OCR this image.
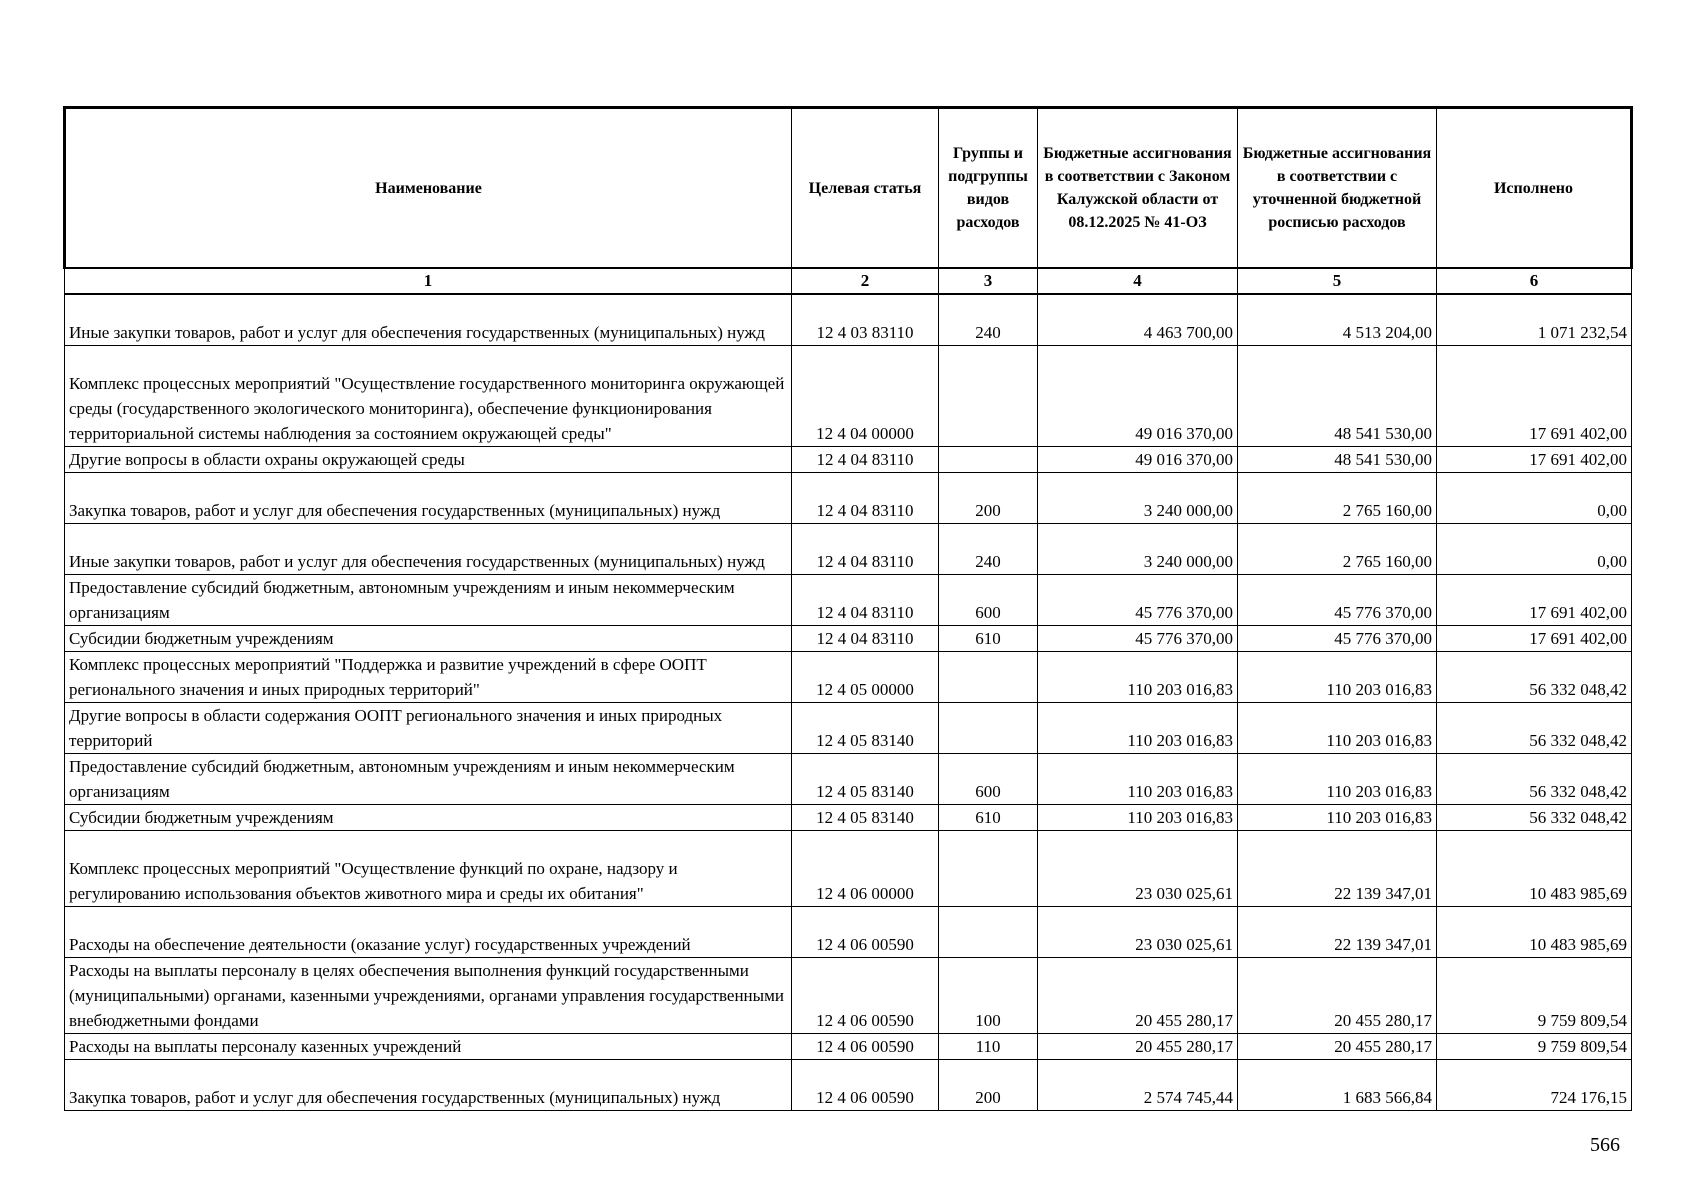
Наименование	Целевая статья	Группы и подгруппы видов расходов	Бюджетные ассигнования в соответствии с Законом Калужской области от 08.12.2025 № 41-ОЗ	Бюджетные ассигнования в соответствии с уточненной бюджетной росписью расходов	Исполнено
1	2	3	4	5	6
Иные закупки товаров, работ и услуг для обеспечения государственных (муниципальных) нужд	12 4 03 83110	240	4 463 700,00	4 513 204,00	1 071 232,54
Комплекс процессных мероприятий "Осуществление государственного мониторинга окружающей среды (государственного экологического мониторинга), обеспечение функционирования территориальной системы наблюдения за состоянием окружающей среды"	12 4 04 00000		49 016 370,00	48 541 530,00	17 691 402,00
Другие вопросы в области охраны окружающей среды	12 4 04 83110		49 016 370,00	48 541 530,00	17 691 402,00
Закупка товаров, работ и услуг для обеспечения государственных (муниципальных) нужд	12 4 04 83110	200	3 240 000,00	2 765 160,00	0,00
Иные закупки товаров, работ и услуг для обеспечения государственных (муниципальных) нужд	12 4 04 83110	240	3 240 000,00	2 765 160,00	0,00
Предоставление субсидий бюджетным, автономным учреждениям и иным некоммерческим организациям	12 4 04 83110	600	45 776 370,00	45 776 370,00	17 691 402,00
Субсидии бюджетным учреждениям	12 4 04 83110	610	45 776 370,00	45 776 370,00	17 691 402,00
Комплекс процессных мероприятий "Поддержка и развитие учреждений в сфере ООПТ регионального значения и иных природных территорий"	12 4 05 00000		110 203 016,83	110 203 016,83	56 332 048,42
Другие вопросы в области содержания ООПТ регионального значения и иных природных территорий	12 4 05 83140		110 203 016,83	110 203 016,83	56 332 048,42
Предоставление субсидий бюджетным, автономным учреждениям и иным некоммерческим организациям	12 4 05 83140	600	110 203 016,83	110 203 016,83	56 332 048,42
Субсидии бюджетным учреждениям	12 4 05 83140	610	110 203 016,83	110 203 016,83	56 332 048,42
Комплекс процессных мероприятий "Осуществление функций по охране, надзору и регулированию использования объектов животного мира и среды их обитания"	12 4 06 00000		23 030 025,61	22 139 347,01	10 483 985,69
Расходы на обеспечение деятельности (оказание услуг) государственных учреждений	12 4 06 00590		23 030 025,61	22 139 347,01	10 483 985,69
Расходы на выплаты персоналу в целях обеспечения выполнения функций государственными (муниципальными) органами, казенными учреждениями, органами управления государственными внебюджетными фондами	12 4 06 00590	100	20 455 280,17	20 455 280,17	9 759 809,54
Расходы на выплаты персоналу казенных учреждений	12 4 06 00590	110	20 455 280,17	20 455 280,17	9 759 809,54
Закупка товаров, работ и услуг для обеспечения государственных (муниципальных) нужд	12 4 06 00590	200	2 574 745,44	1 683 566,84	724 176,15
566
